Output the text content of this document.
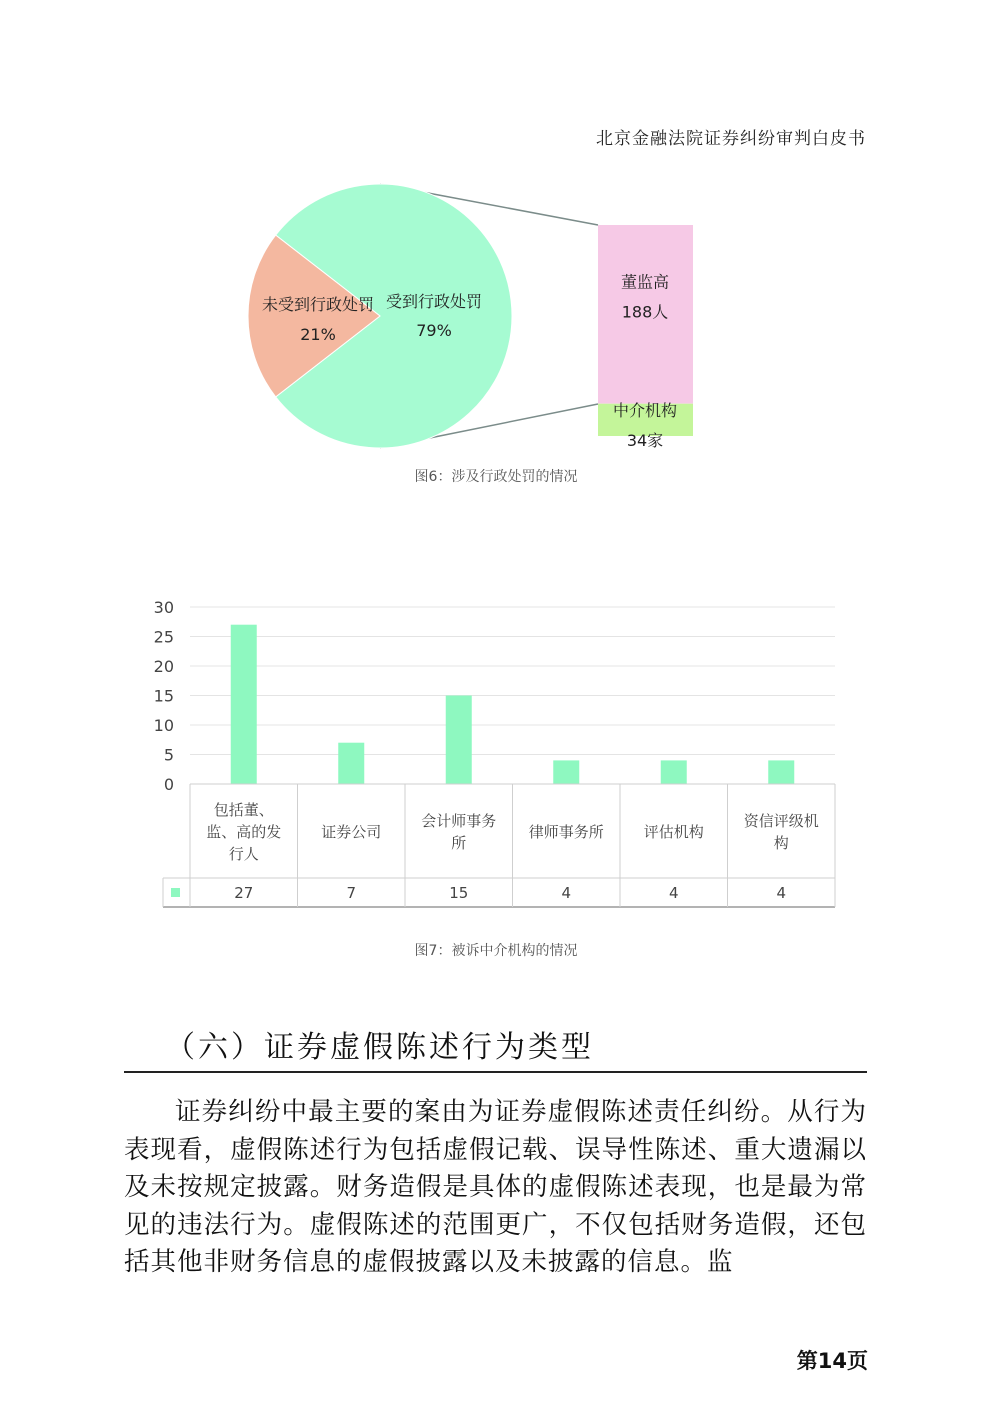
北京金融法院证券纠纷审判白皮书
受到行政处罚
79%
未受到行政处罚
21%
董监高
188人
中介机构
34家
图6：涉及行政处罚的情况
30
25
20
15
10
5
0
包括董、
监、高的发
行人
27
证券公司
7
会计师事务
所
15
律师事务所
4
评估机构
4
资信评级机
构
4
图7：被诉中介机构的情况
（六）证券虚假陈述行为类型

证券纠纷中最主要的案由为证券虚假陈述责任纠纷。从行为表现看，虚假陈述行为包括虚假记载、误导性陈述、重大遗漏以及未按规定披露。财务造假是具体的虚假陈述表现，也是最为常见的违法行为。虚假陈述的范围更广，不仅包括财务造假，还包括其他非财务信息的虚假披露以及未披露的信息。监

第14页
